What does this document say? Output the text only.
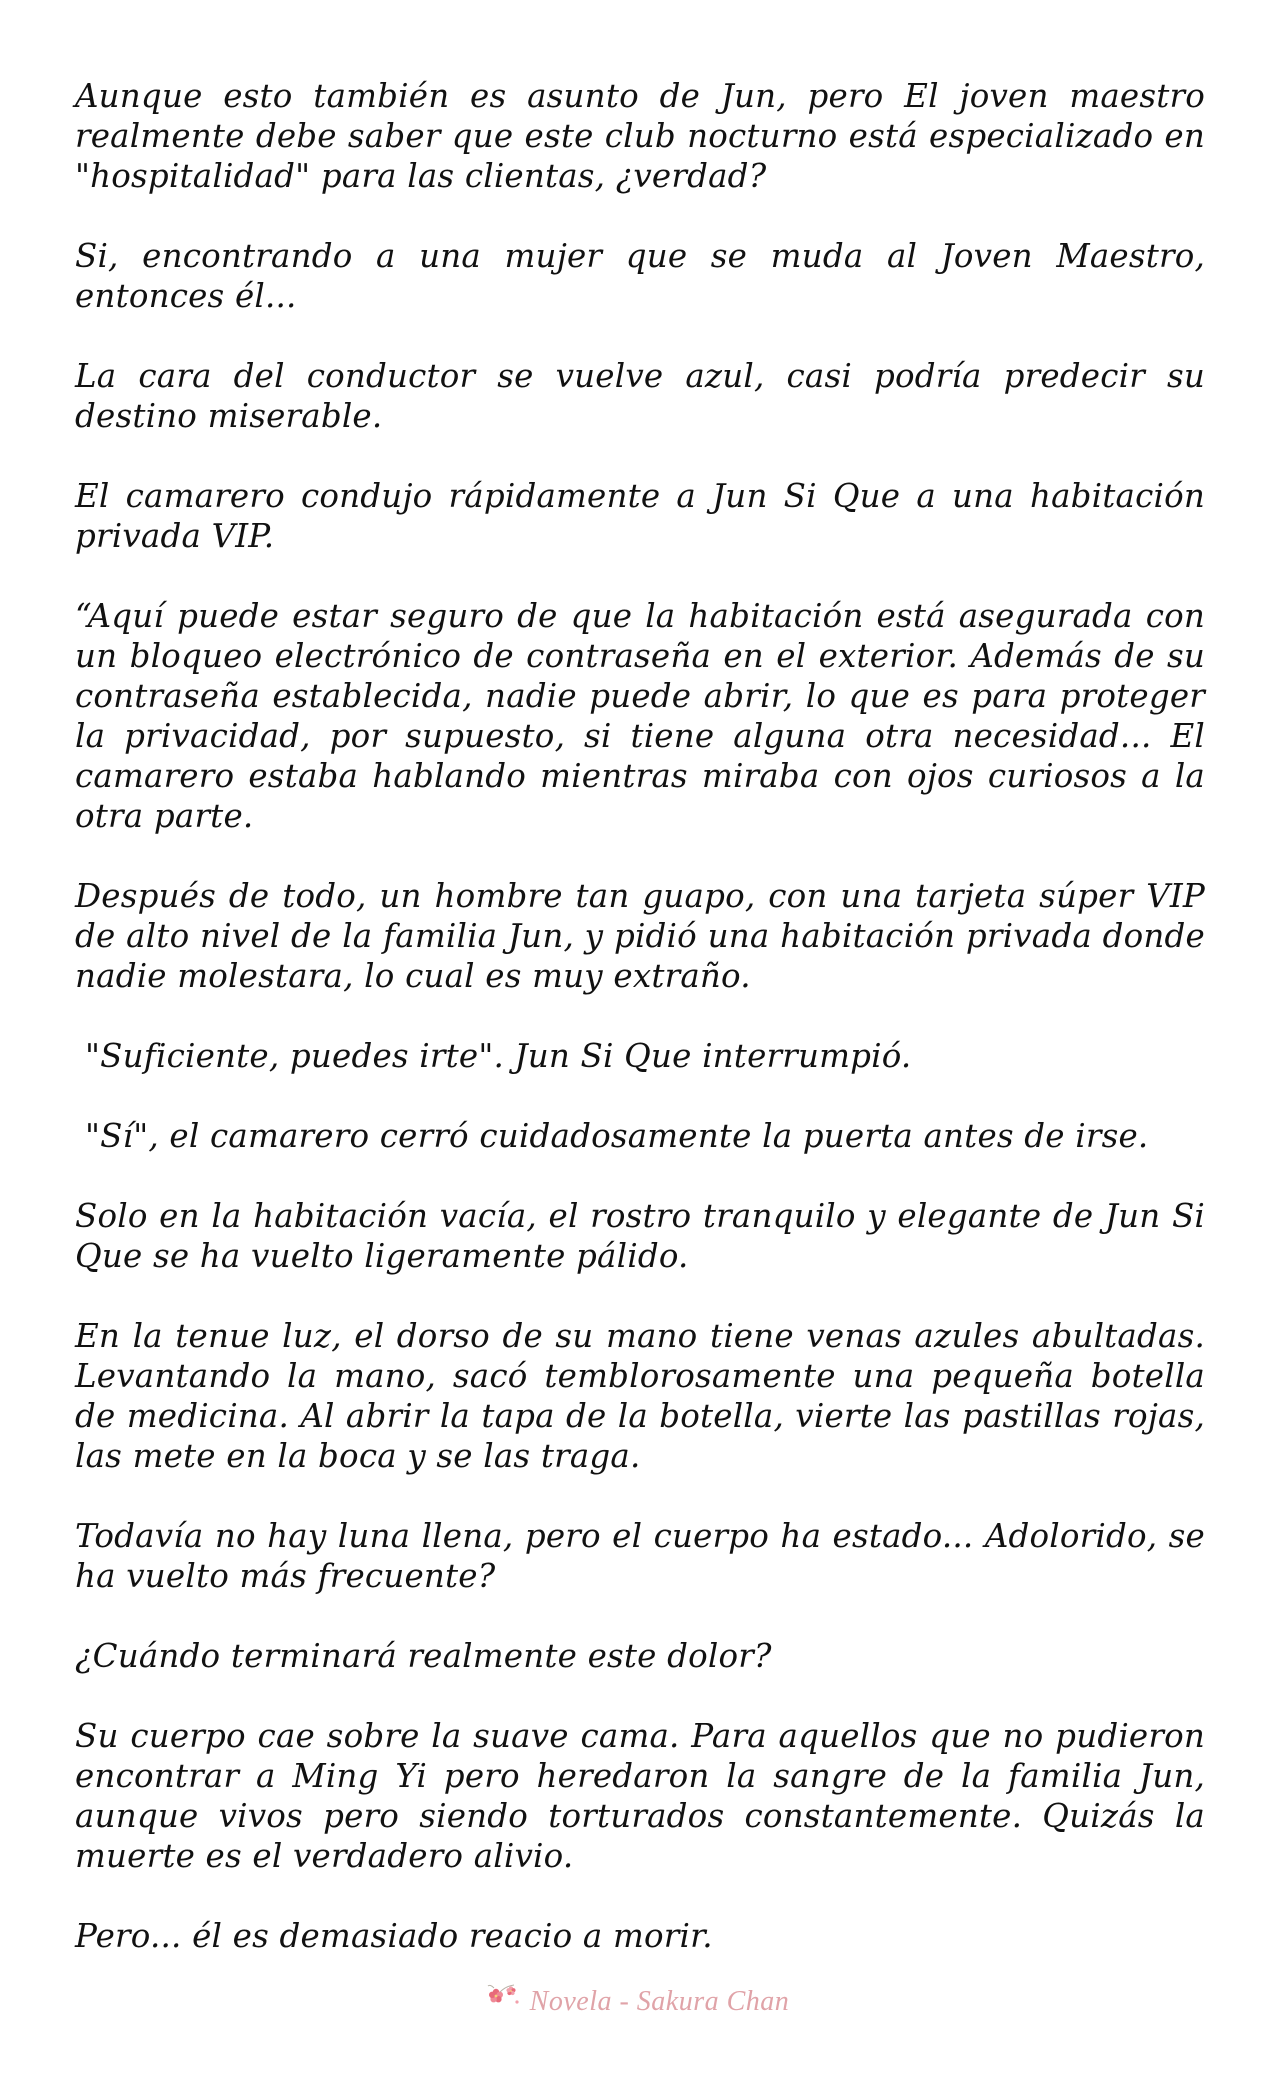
Aunque esto también es asunto de Jun, pero El joven maestro realmente debe saber que este club nocturno está especializado en "hospitalidad" para las clientas, ¿verdad?

Si, encontrando a una mujer que se muda al Joven Maestro, entonces él...

La cara del conductor se vuelve azul, casi podría predecir su destino miserable.

El camarero condujo rápidamente a Jun Si Que a una habitación privada VIP.

“Aquí puede estar seguro de que la habitación está asegurada con un bloqueo electrónico de contraseña en el exterior. Además de su contraseña establecida, nadie puede abrir, lo que es para proteger la privacidad, por supuesto, si tiene alguna otra necesidad... El camarero estaba hablando mientras miraba con ojos curiosos a la otra parte.

Después de todo, un hombre tan guapo, con una tarjeta súper VIP de alto nivel de la familia Jun, y pidió una habitación privada donde nadie molestara, lo cual es muy extraño.

"Suficiente, puedes irte". Jun Si Que interrumpió.

"Sí", el camarero cerró cuidadosamente la puerta antes de irse.

Solo en la habitación vacía, el rostro tranquilo y elegante de Jun Si Que se ha vuelto ligeramente pálido.

En la tenue luz, el dorso de su mano tiene venas azules abultadas. Levantando la mano, sacó temblorosamente una pequeña botella de medicina. Al abrir la tapa de la botella, vierte las pastillas rojas, las mete en la boca y se las traga.

Todavía no hay luna llena, pero el cuerpo ha estado... Adolorido, se ha vuelto más frecuente?

¿Cuándo terminará realmente este dolor?

Su cuerpo cae sobre la suave cama. Para aquellos que no pudieron encontrar a Ming Yi pero heredaron la sangre de la familia Jun, aunque vivos pero siendo torturados constantemente. Quizás la muerte es el verdadero alivio.

Pero... él es demasiado reacio a morir.

Novela - Sakura Chan
